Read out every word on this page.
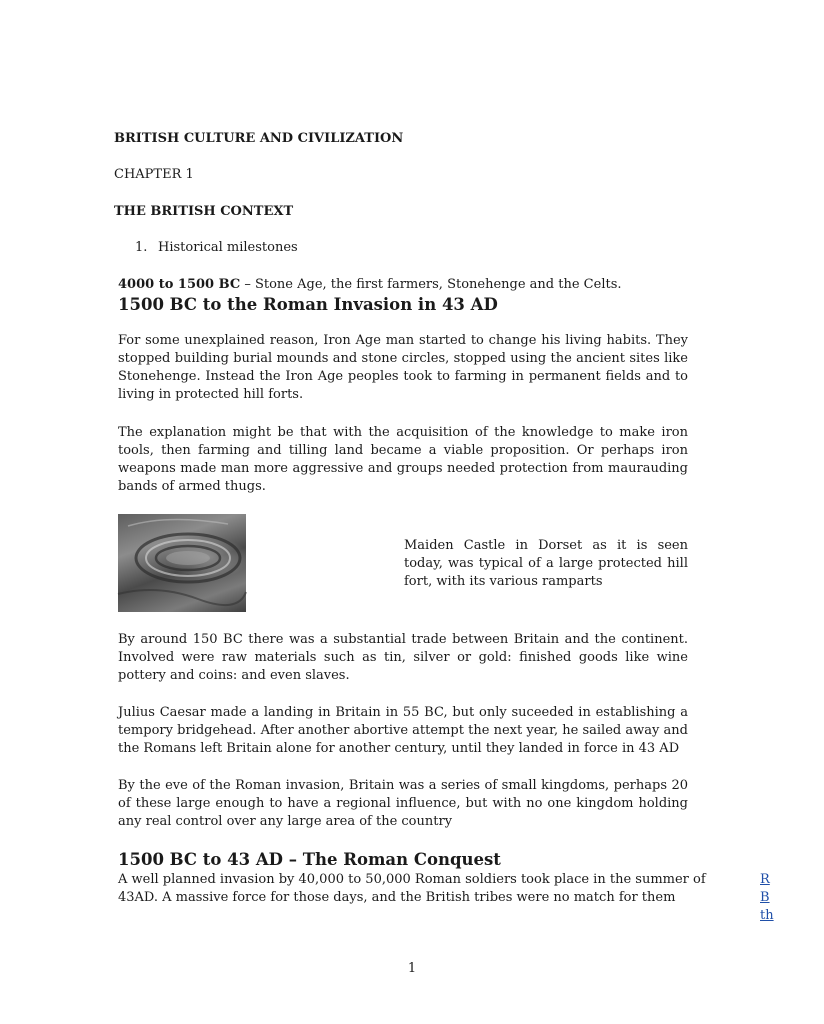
BRITISH CULTURE AND CIVILIZATION
CHAPTER 1
THE BRITISH CONTEXT
1. Historical milestones
4000 to 1500 BC – Stone Age, the first farmers, Stonehenge and the Celts.
1500 BC to the Roman Invasion in 43 AD

For some unexplained reason, Iron Age man started to change his living habits. They stopped building burial mounds and stone circles, stopped using the ancient sites like Stonehenge. Instead the Iron Age peoples took to farming in permanent fields and to living in protected hill forts.

The explanation might be that with the acquisition of the knowledge to make iron tools, then farming and tilling land became a viable proposition. Or perhaps iron weapons made man more aggressive and groups needed protection from maurauding bands of armed thugs.

Maiden Castle in Dorset as it is seen today, was typical of a large protected hill fort, with its various ramparts

By around 150 BC there was a substantial trade between Britain and the continent. Involved were raw materials such as tin, silver or gold: finished goods like wine pottery and coins: and even slaves.

Julius Caesar made a landing in Britain in 55 BC, but only suceeded in establishing a tempory bridgehead. After another abortive attempt the next year, he sailed away and the Romans left Britain alone for another century, until they landed in force in 43 AD

By the eve of the Roman invasion, Britain was a series of small kingdoms, perhaps 20 of these large enough to have a regional influence, but with no one kingdom holding any real control over any large area of the country

1500 BC to 43 AD – The Roman Conquest
A well planned invasion by 40,000 to 50,000 Roman soldiers took place in the summer of
43AD. A massive force for those days, and the British tribes were no match for them
R
B
th
1
